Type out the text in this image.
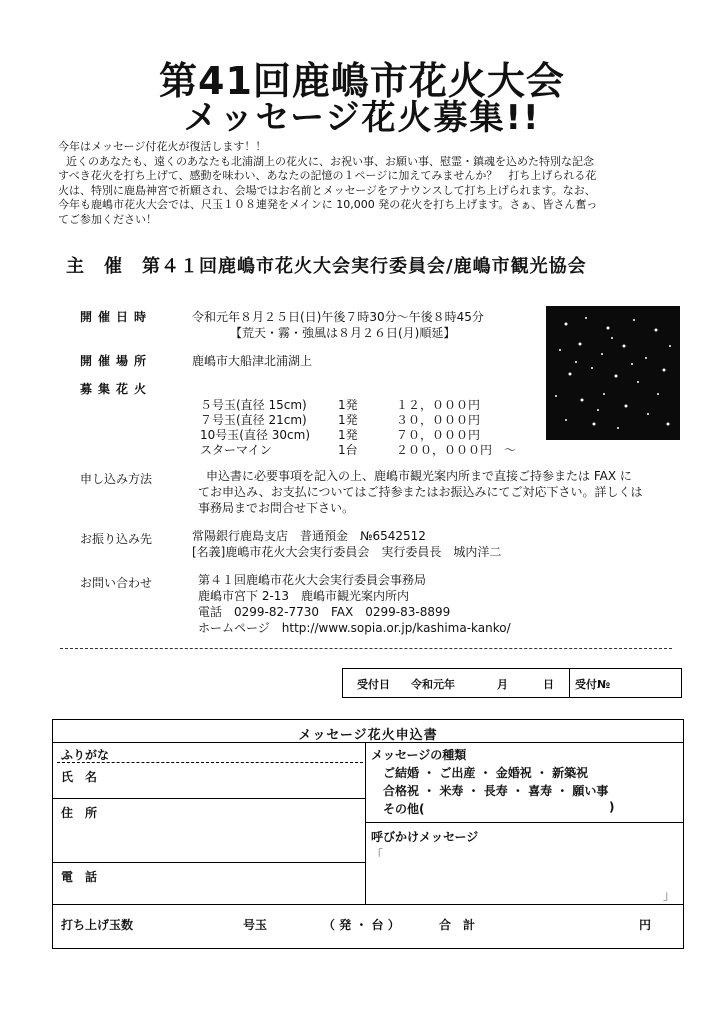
第41回鹿嶋市花火大会
メッセージ花火募集!!
今年はメッセージ付花火が復活します！！
近くのあなたも、遠くのあなたも北浦湖上の花火に、お祝い事、お願い事、慰霊・鎮魂を込めた特別な記念
すべき花火を打ち上げて、感動を味わい、あなたの記憶の１ページに加えてみませんか？　打ち上げられる花
火は、特別に鹿島神宮で祈願され、会場ではお名前とメッセージをアナウンスして打ち上げられます。なお、
今年も鹿嶋市花火大会では、尺玉１０８連発をメインに 10,000 発の花火を打ち上げます。さぁ、皆さん奮っ
てご参加ください！
主　催　第４１回鹿嶋市花火大会実行委員会/鹿嶋市観光協会
開催日時	令和元年８月２５日(日)午後７時30分～午後８時45分
【荒天・霧・強風は８月２６日(月)順延】
開催場所	鹿嶋市大船津北浦湖上
募集花火
５号玉(直径 15cm)	1発	１２，０００円
７号玉(直径 21cm)	1発	３０，０００円
10号玉(直径 30cm) 1発	７０，０００円
スターマイン	1台	２００，０００円　～
申し込み方法	申込書に必要事項を記入の上、鹿嶋市観光案内所まで直接ご持参または FAX に
てお申込み、お支払についてはご持参またはお振込みにてご対応下さい。詳しくは
事務局までお問合せ下さい。
お振り込み先	常陽銀行鹿島支店　普通預金　№6542512
[名義]鹿嶋市花火大会実行委員会　実行委員長　城内洋二
お問い合わせ	第４１回鹿嶋市花火大会実行委員会事務局
鹿嶋市宮下 2-13　鹿嶋市観光案内所内
電話　0299-82-7730　FAX　0299-83-8899
ホームページ　http://www.sopia.or.jp/kashima-kanko/
受付日 令和元年	月	日 受付№
メッセージ花火申込書
ふりがな
氏　名
住　所
電　話
メッセージの種類
ご結婚 ・ ご出産 ・ 金婚祝 ・ 新築祝
合格祝 ・ 米寿 ・ 長寿 ・ 喜寿 ・ 願い事
その他(	)
呼びかけメッセージ
「
」
打ち上げ玉数	号玉	（ 発 ・ 台 ）	合　計	円
